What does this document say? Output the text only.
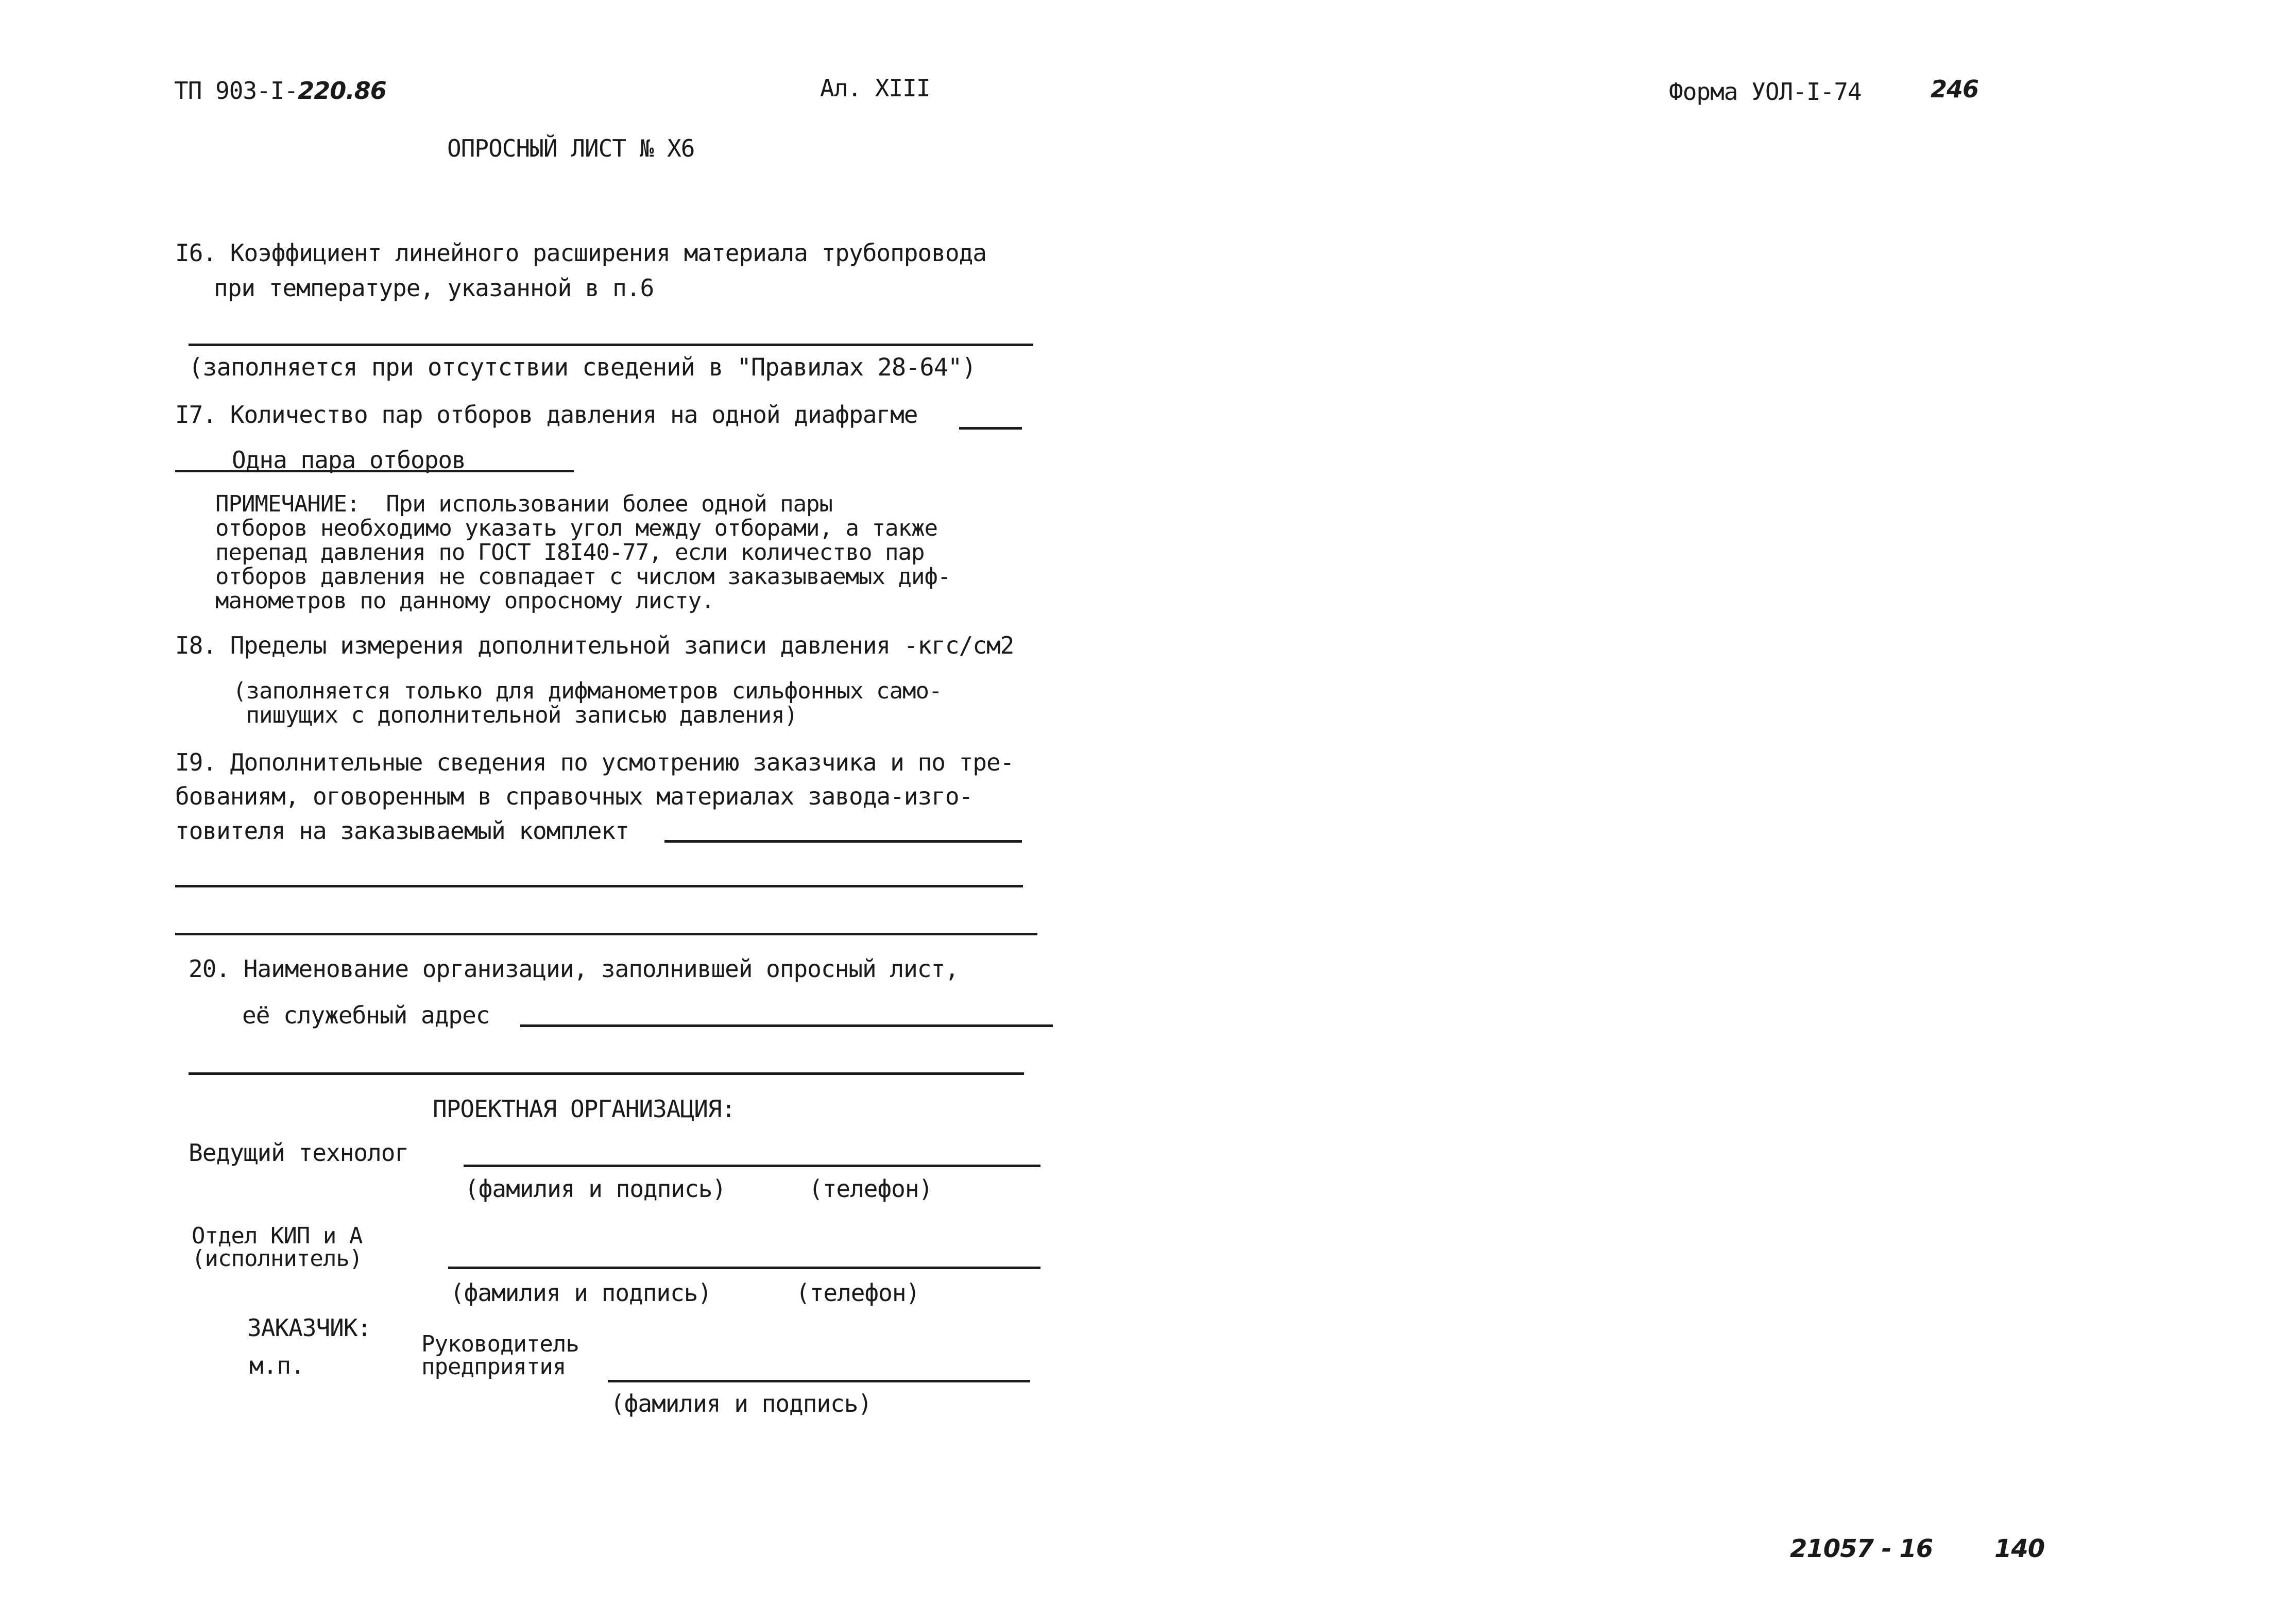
ТП 903-I-220.86	Ал. XIII	Форма УОЛ-I-74	246
ОПРОСНЫЙ ЛИСТ № Х6
I6. Коэффициент линейного расширения материала трубопровода
при температуре, указанной в п.6
(заполняется при отсутствии сведений в "Правилах 28-64")
I7. Количество пар отборов давления на одной диафрагме
Одна пара отборов
ПРИМЕЧАНИЕ:  При использовании более одной пары
отборов необходимо указать угол между отборами, а также
перепад давления по ГОСТ I8I40-77, если количество пар
отборов давления не совпадает с числом заказываемых диф-
манометров по данному опросному листу.
I8. Пределы измерения дополнительной записи давления -кгс/см2
(заполняется только для дифманометров сильфонных само-
пишущих с дополнительной записью давления)
I9. Дополнительные сведения по усмотрению заказчика и по тре-
бованиям, оговоренным в справочных материалах завода-изго-
товителя на заказываемый комплект
20. Наименование организации, заполнившей опросный лист,
её служебный адрес
ПРОЕКТНАЯ ОРГАНИЗАЦИЯ:
Ведущий технолог
(фамилия и подпись)	(телефон)
Отдел КИП и А
(исполнитель)
(фамилия и подпись)	(телефон)
ЗАКАЗЧИК:
м.п.
Руководитель
предприятия
(фамилия и подпись)
21057 - 16 140
